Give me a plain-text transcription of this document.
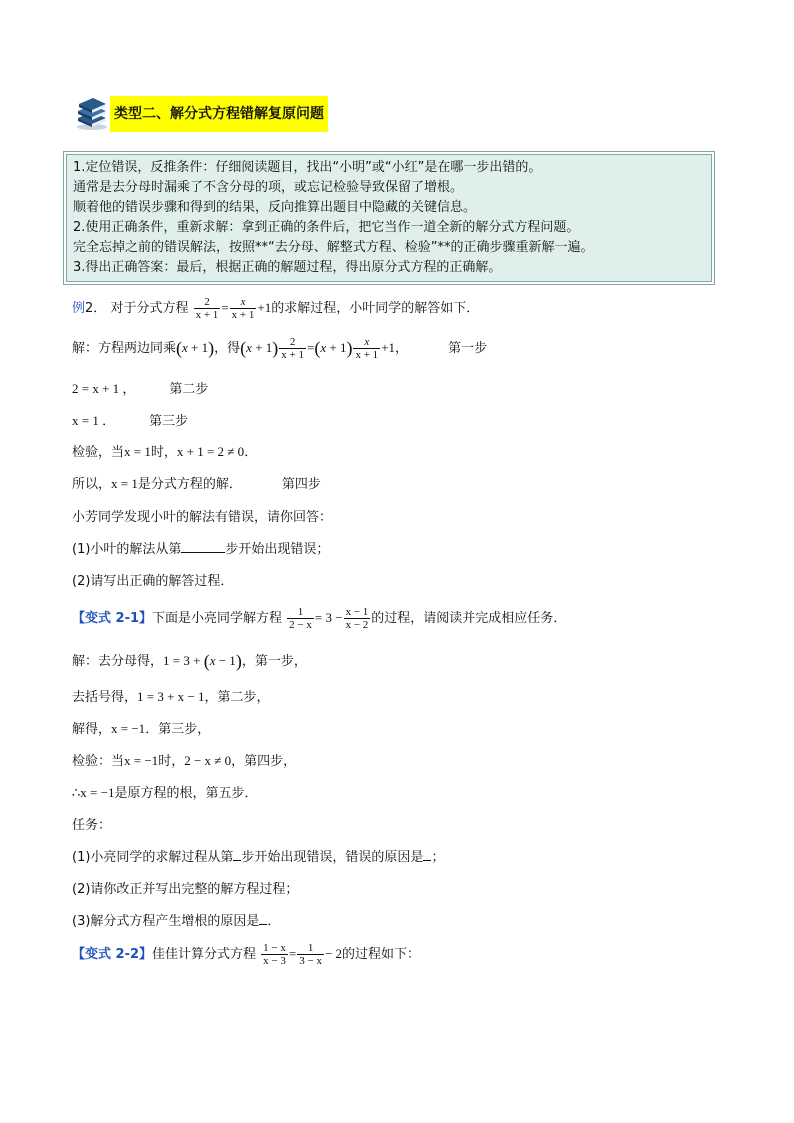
类型二、解分式方程错解复原问题
1.定位错误，反推条件：仔细阅读题目，找出“小明”或“小红”是在哪一步出错的。
通常是去分母时漏乘了不含分母的项，或忘记检验导致保留了增根。
顺着他的错误步骤和得到的结果，反向推算出题目中隐藏的关键信息。
2.使用正确条件，重新求解：拿到正确的条件后，把它当作一道全新的解分式方程问题。
完全忘掉之前的错误解法，按照**“去分母、解整式方程、检验”**的正确步骤重新解一遍。
3.得出正确答案：最后，根据正确的解题过程，得出原分式方程的正确解。
例2． 对于分式方程 $\frac{2}{x + 1} = \frac{x}{x + 1} +1$的求解过程，小叶同学的解答如下．
解：方程两边同乘(x + 1)，得$(x + 1) \frac{2}{x + 1} =(x + 1) \frac{x}{x + 1} +1$，	第一步
2 = x + 1 ，	第二步
x = 1 ．	第三步
检验，当x = 1时，x + 1 = 2 ≠ 0．
所以，x = 1是分式方程的解．	第四步
小芳同学发现小叶的解法有错误，请你回答：
(1)小叶的解法从第	步开始出现错误；
(2)请写出正确的解答过程．
【变式 2-1】下面是小亮同学解方程 $\frac{1}{2 - x} = 3 - \frac{x - 1}{x - 2}$ 的过程，请阅读并完成相应任务．
解：去分母得，1 = 3 + (x − 1)，第一步，
去括号得，1 = 3 + x − 1，第二步，
解得，x = −1．第三步，
检验：当x = −1时，2 − x ≠ 0，第四步，
∴x = −1是原方程的根，第五步．
任务：
(1)小亮同学的求解过程从第 步开始出现错误，错误的原因是 ；
(2)请你改正并写出完整的解方程过程；
(3)解分式方程产生增根的原因是 ．
【变式 2-2】佳佳计算分式方程 $\frac{1 - x}{x - 3} = \frac{1}{3 - x} - 2$的过程如下：
